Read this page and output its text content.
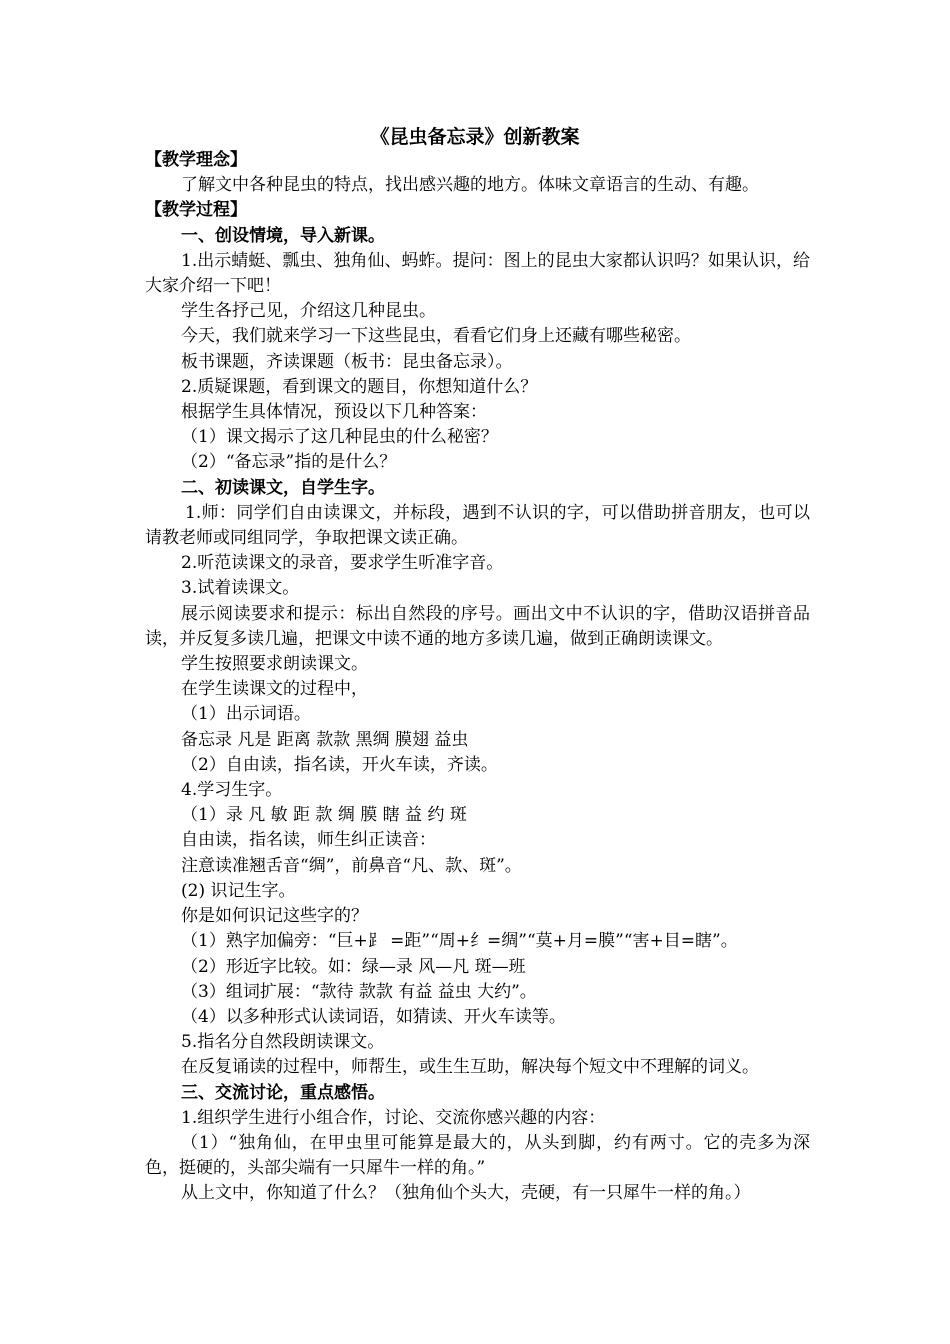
《昆虫备忘录》创新教案

【教学理念】

了解文中各种昆虫的特点，找出感兴趣的地方。体味文章语言的生动、有趣。

【教学过程】

一、创设情境，导入新课。

1.出示蜻蜓、瓢虫、独角仙、蚂蚱。提问：图上的昆虫大家都认识吗？如果认识，给大家介绍一下吧！

学生各抒己见，介绍这几种昆虫。

今天，我们就来学习一下这些昆虫，看看它们身上还藏有哪些秘密。

板书课题，齐读课题（板书：昆虫备忘录）。

2.质疑课题，看到课文的题目，你想知道什么？

根据学生具体情况，预设以下几种答案：

（1）课文揭示了这几种昆虫的什么秘密？

（2）“备忘录”指的是什么？

二、初读课文，自学生字。

1.师：同学们自由读课文，并标段，遇到不认识的字，可以借助拼音朋友，也可以请教老师或同组同学，争取把课文读正确。

2.听范读课文的录音，要求学生听准字音。

3.试着读课文。

展示阅读要求和提示：标出自然段的序号。画出文中不认识的字，借助汉语拼音品读，并反复多读几遍，把课文中读不通的地方多读几遍，做到正确朗读课文。

学生按照要求朗读课文。

在学生读课文的过程中，

（1）出示词语。

备忘录 凡是 距离 款款 黑绸 膜翅 益虫

（2）自由读，指名读，开火车读，齐读。

4.学习生字。

（1）录 凡 敏 距 款 绸 膜 瞎 益 约 斑

自由读，指名读，师生纠正读音：

注意读准翘舌音“绸”，前鼻音“凡、款、斑”。

(2) 识记生字。

你是如何识记这些字的？

（1）熟字加偏旁：“巨+⻊ =距”“周+纟=绸”“莫+月=膜”“害+目=瞎”。

（2）形近字比较。如：绿—录 风—凡 斑—班

（3）组词扩展：“款待 款款 有益 益虫 大约”。

（4）以多种形式认读词语，如猜读、开火车读等。

5.指名分自然段朗读课文。

在反复诵读的过程中，师帮生，或生生互助，解决每个短文中不理解的词义。

三、交流讨论，重点感悟。

1.组织学生进行小组合作，讨论、交流你感兴趣的内容：

（1）“独角仙，在甲虫里可能算是最大的，从头到脚，约有两寸。它的壳多为深色，挺硬的，头部尖端有一只犀牛一样的角。”

从上文中，你知道了什么？（独角仙个头大，壳硬，有一只犀牛一样的角。）
